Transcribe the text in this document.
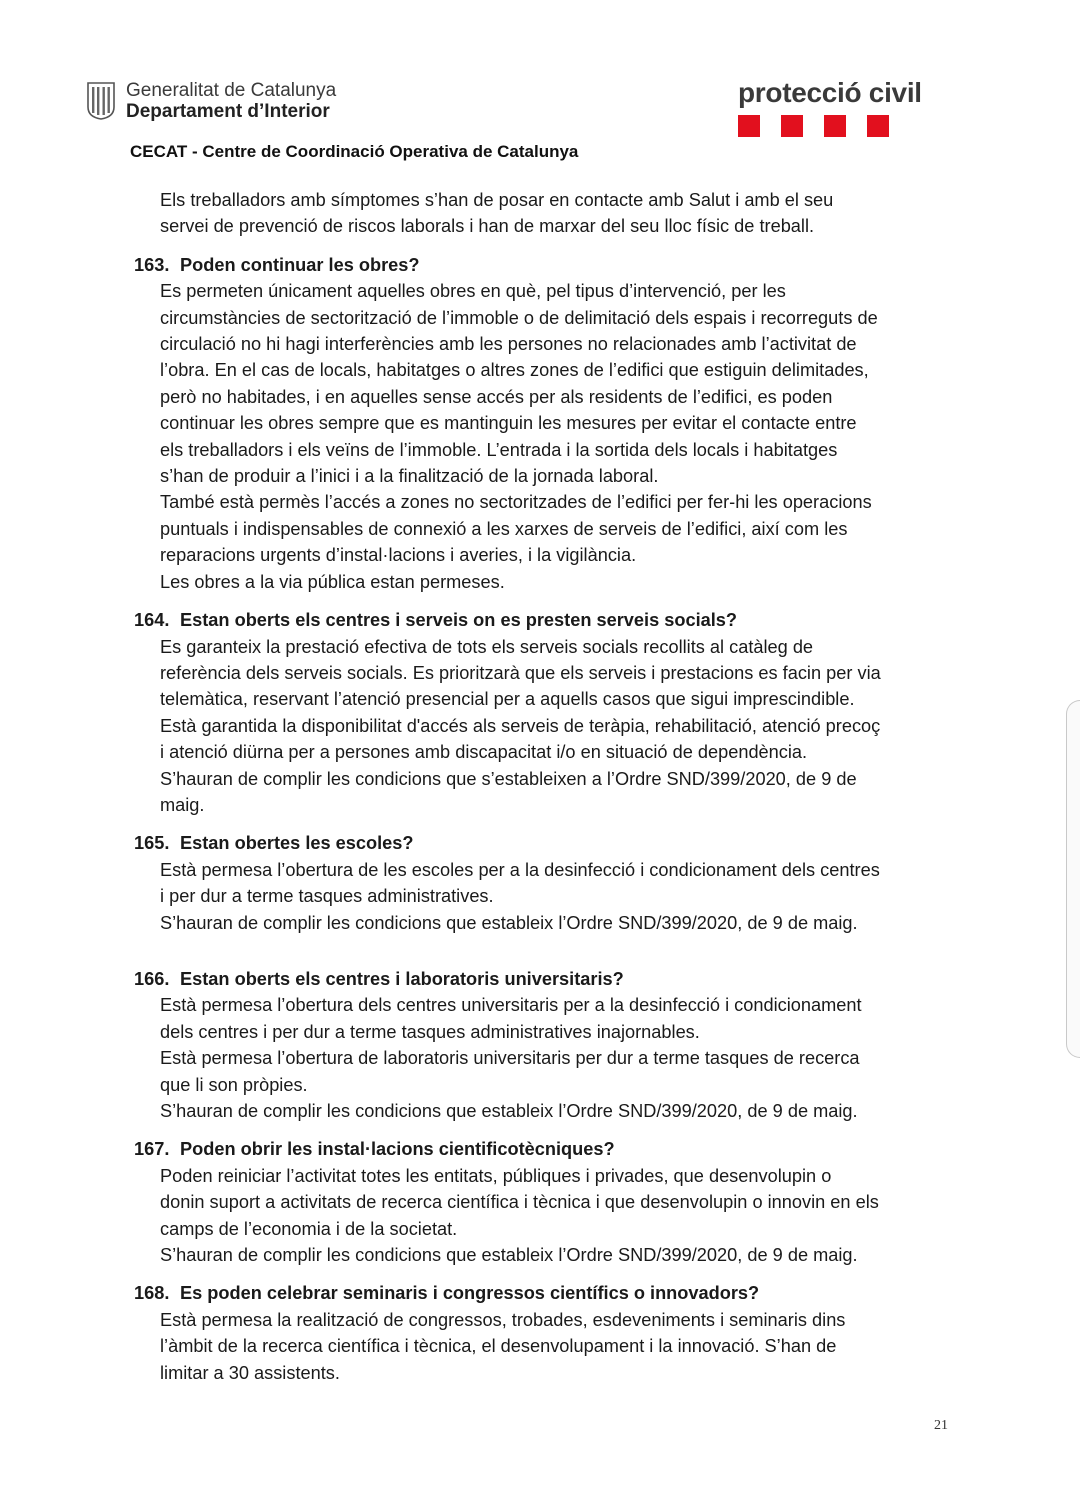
Generalitat de Catalunya
Departament d’Interior
protecció civil
CECAT - Centre de Coordinació Operativa de Catalunya
Els treballadors amb símptomes s’han de posar en contacte amb Salut i amb el seu
servei de prevenció de riscos laborals i han de marxar del seu lloc físic de treball.
163. Poden continuar les obres?
Es permeten únicament aquelles obres en què, pel tipus d’intervenció, per les
circumstàncies de sectorització de l’immoble o de delimitació dels espais i recorreguts de
circulació no hi hagi interferències amb les persones no relacionades amb l’activitat de
l’obra. En el cas de locals, habitatges o altres zones de l’edifici que estiguin delimitades,
però no habitades, i en aquelles sense accés per als residents de l’edifici, es poden
continuar les obres sempre que es mantinguin les mesures per evitar el contacte entre
els treballadors i els veïns de l’immoble. L’entrada i la sortida dels locals i habitatges
s’han de produir a l’inici i a la finalització de la jornada laboral.
També està permès l’accés a zones no sectoritzades de l’edifici per fer-hi les operacions
puntuals i indispensables de connexió a les xarxes de serveis de l’edifici, així com les
reparacions urgents d’instal·lacions i averies, i la vigilància.
Les obres a la via pública estan permeses.
164. Estan oberts els centres i serveis on es presten serveis socials?
Es garanteix la prestació efectiva de tots els serveis socials recollits al catàleg de
referència dels serveis socials. Es prioritzarà que els serveis i prestacions es facin per via
telemàtica, reservant l’atenció presencial per a aquells casos que sigui imprescindible.
Està garantida la disponibilitat d'accés als serveis de teràpia, rehabilitació, atenció precoç
i atenció diürna per a persones amb discapacitat i/o en situació de dependència.
S’hauran de complir les condicions que s’estableixen a l’Ordre SND/399/2020, de 9 de
maig.
165. Estan obertes les escoles?
Està permesa l’obertura de les escoles per a la desinfecció i condicionament dels centres
i per dur a terme tasques administratives.
S’hauran de complir les condicions que estableix l’Ordre SND/399/2020, de 9 de maig.
166. Estan oberts els centres i laboratoris universitaris?
Està permesa l’obertura dels centres universitaris per a la desinfecció i condicionament
dels centres i per dur a terme tasques administratives inajornables.
Està permesa l’obertura de laboratoris universitaris per dur a terme tasques de recerca
que li son pròpies.
S’hauran de complir les condicions que estableix l’Ordre SND/399/2020, de 9 de maig.
167. Poden obrir les instal·lacions cientificotècniques?
Poden reiniciar l’activitat totes les entitats, públiques i privades, que desenvolupin o
donin suport a activitats de recerca científica i tècnica i que desenvolupin o innovin en els
camps de l’economia i de la societat.
S’hauran de complir les condicions que estableix l’Ordre SND/399/2020, de 9 de maig.
168. Es poden celebrar seminaris i congressos científics o innovadors?
Està permesa la realització de congressos, trobades, esdeveniments i seminaris dins
l’àmbit de la recerca científica i tècnica, el desenvolupament i la innovació. S’han de
limitar a 30 assistents.
21
